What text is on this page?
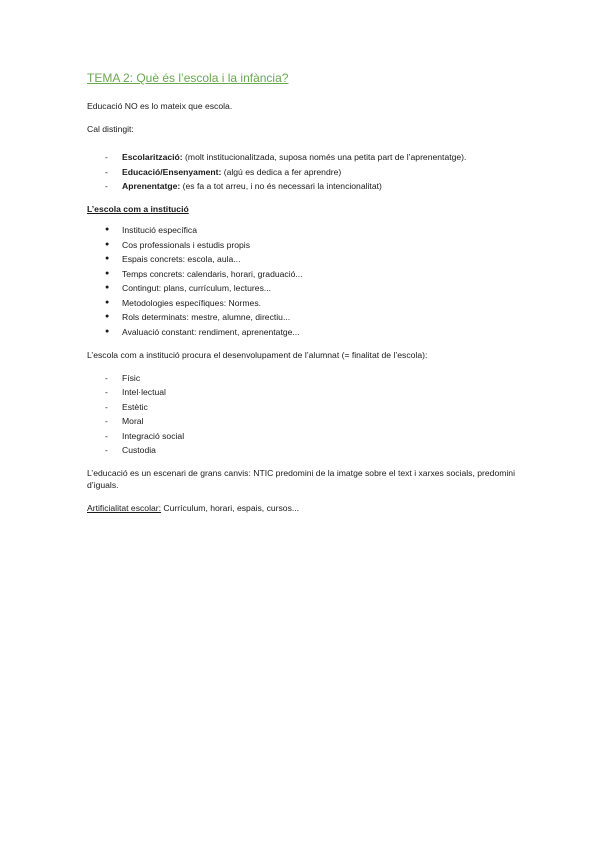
TEMA 2: Què és l’escola i la infància?

Educació NO es lo mateix que escola.

Cal distingit:

- Escolarització: (molt institucionalitzada, suposa només una petita part de l’aprenentatge).
- Educació/Ensenyament: (algú es dedica a fer aprendre)
- Aprenentatge: (es fa a tot arreu, i no és necessari la intencionalitat)

L’escola com a institució

● Institució específica
● Cos professionals i estudis propis
● Espais concrets: escola, aula...
● Temps concrets: calendaris, horari, graduació...
● Contingut: plans, currículum, lectures...
● Metodologies específiques: Normes.
● Rols determinats: mestre, alumne, directiu...
● Avaluació constant: rendiment, aprenentatge...

L’escola com a institució procura el desenvolupament de l’alumnat (= finalitat de l’escola):

- Físic
- Intel·lectual
- Estètic
- Moral
- Integració social
- Custodia

L’educació es un escenari de grans canvis: NTIC predomini de la imatge sobre el text i xarxes socials, predomini d’iguals.

Artificialitat escolar: Currículum, horari, espais, cursos...
